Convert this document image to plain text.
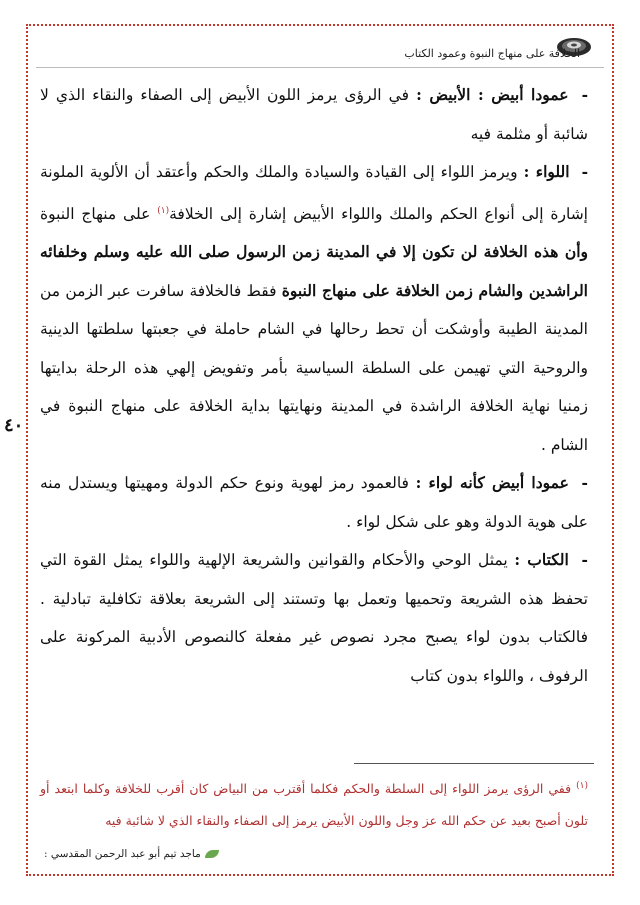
الخلافة على منهاج النبوة وعمود الكتاب
٤٠

- عمودا أبيض : الأبيض : في الرؤى يرمز اللون الأبيض إلى الصفاء والنقاء الذي لا شائبة أو مثلمة فيه

- اللواء : ويرمز اللواء إلى القيادة والسيادة والملك والحكم وأعتقد أن الألوية الملونة إشارة إلى أنواع الحكم والملك واللواء الأبيض إشارة إلى الخلافة$^{(١)}$ على منهاج النبوة وأن هذه الخلافة لن تكون إلا في المدينة زمن الرسول صلى الله عليه وسلم وخلفائه الراشدين والشام زمن الخلافة على منهاج النبوة فقط فالخلافة سافرت عبر الزمن من المدينة الطيبة وأوشكت أن تحط رحالها في الشام حاملة في جعبتها سلطتها الدينية والروحية التي تهيمن على السلطة السياسية بأمر وتفويض إلهي هذه الرحلة بدايتها زمنيا نهاية الخلافة الراشدة في المدينة ونهايتها بداية الخلافة على منهاج النبوة في الشام .

- عمودا أبيض كأنه لواء : فالعمود رمز لهوية ونوع حكم الدولة ومهيتها ويستدل منه على هوية الدولة وهو على شكل لواء .

- الكتاب : يمثل الوحي والأحكام والقوانين والشريعة الإلهية واللواء يمثل القوة التي تحفظ هذه الشريعة وتحميها وتعمل بها وتستند إلى الشريعة بعلاقة تكافلية تبادلية . فالكتاب بدون لواء يصبح مجرد نصوص غير مفعلة كالنصوص الأدبية المركونة على الرفوف ، واللواء بدون كتاب

$^{(١)}$ ففي الرؤى يرمز اللواء إلى السلطة والحكم فكلما أقترب من البياض كان أقرب للخلافة وكلما ابتعد أو تلون أصبح بعيد عن حكم الله عز وجل واللون الأبيض يرمز إلى الصفاء والنقاء الذي لا شائبة فيه

ماجد تيم أبو عبد الرحمن المقدسي :
